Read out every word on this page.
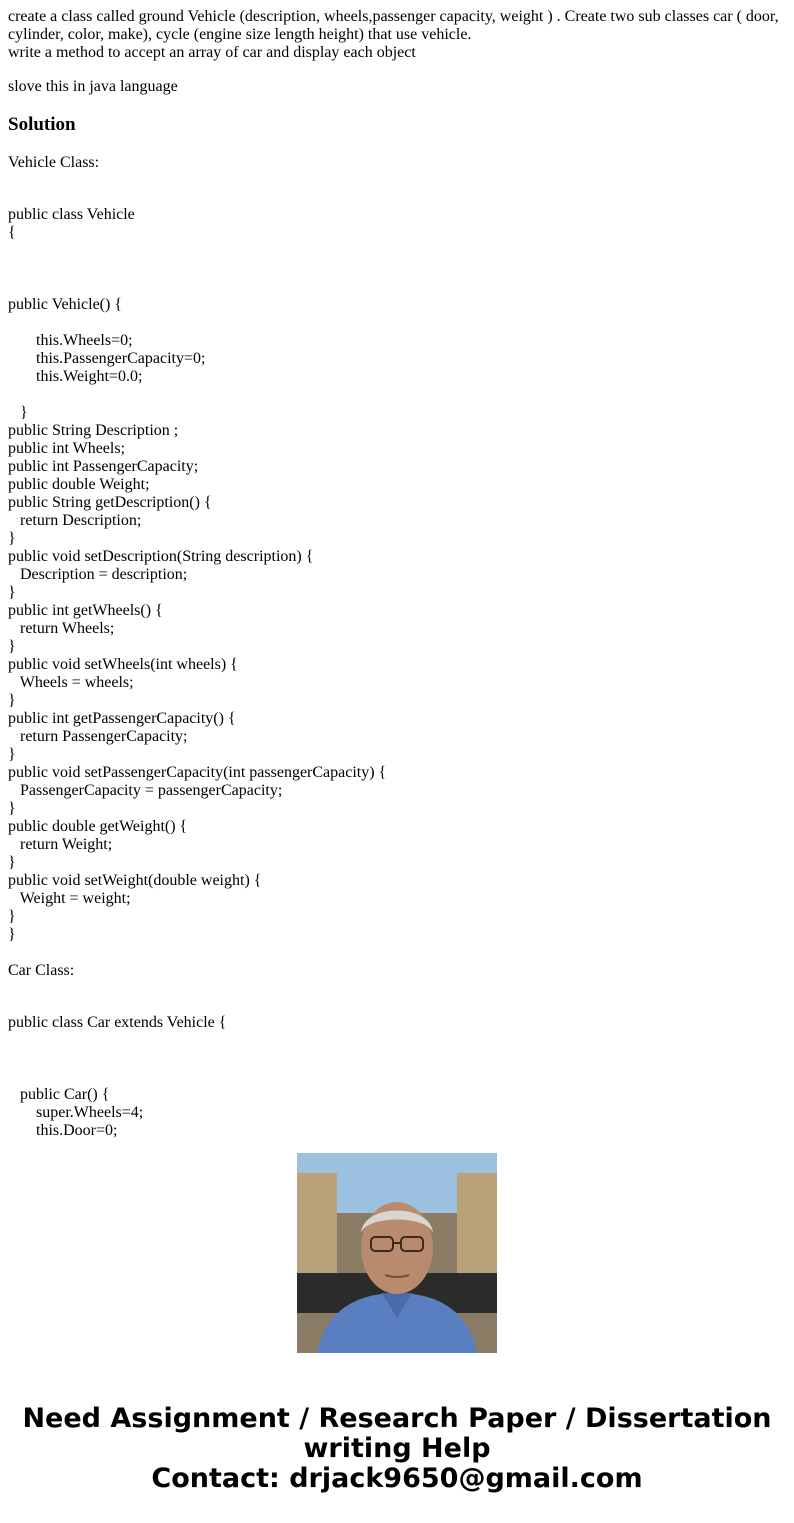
create a class called ground Vehicle (description, wheels,passenger capacity, weight ) . Create two sub classes car ( door,
cylinder, color, make), cycle (engine size length height) that use vehicle.
write a method to accept an array of car and display each object

slove this in java language

Solution
Vehicle Class:
public class Vehicle
{
public Vehicle() {
this.Wheels=0;
this.PassengerCapacity=0;
this.Weight=0.0;
}
public String Description ;
public int Wheels;
public int PassengerCapacity;
public double Weight;
public String getDescription() {
return Description;
}
public void setDescription(String description) {
Description = description;
}
public int getWheels() {
return Wheels;
}
public void setWheels(int wheels) {
Wheels = wheels;
}
public int getPassengerCapacity() {
return PassengerCapacity;
}
public void setPassengerCapacity(int passengerCapacity) {
PassengerCapacity = passengerCapacity;
}
public double getWeight() {
return Weight;
}
public void setWeight(double weight) {
Weight = weight;
}
}
Car Class:
public class Car extends Vehicle {
public Car() {
super.Wheels=4;
this.Door=0;
Need Assignment / Research Paper / Dissertation
writing Help
Contact: drjack9650@gmail.com
